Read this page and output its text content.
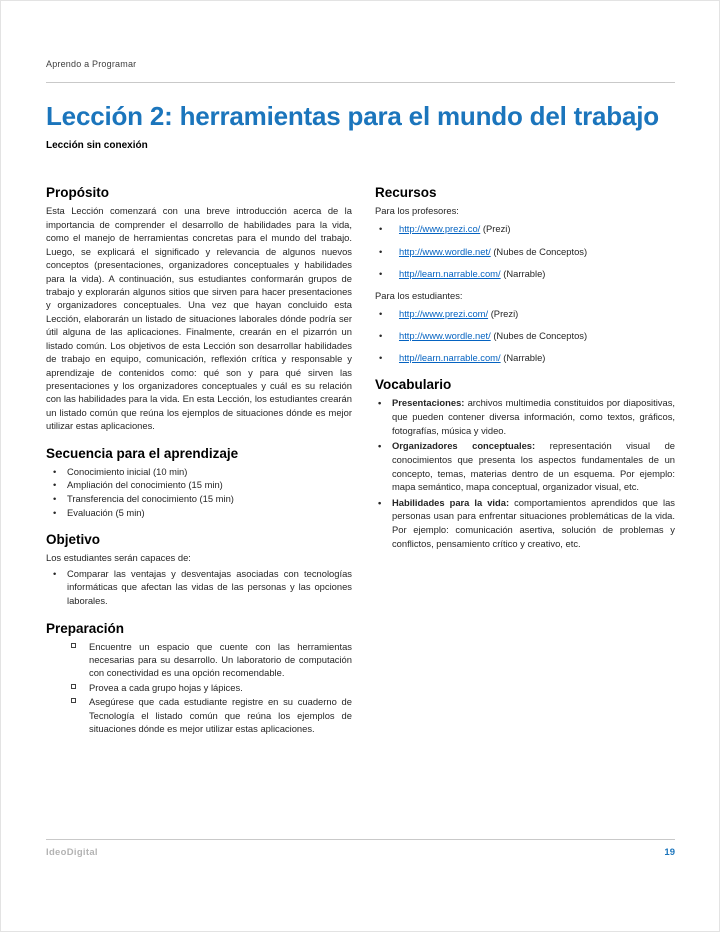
Aprendo a Programar
Lección 2: herramientas para el mundo del trabajo
Lección sin conexión
Propósito

Esta Lección comenzará con una breve introducción acerca de la importancia de comprender el desarrollo de habilidades para la vida, como el manejo de herramientas concretas para el mundo del trabajo. Luego, se explicará el significado y relevancia de algunos nuevos conceptos (presentaciones, organizadores conceptuales y habilidades para la vida). A continuación, sus estudiantes conformarán grupos de trabajo y explorarán algunos sitios que sirven para hacer presentaciones y organizadores conceptuales. Una vez que hayan concluido esta Lección, elaborarán un listado de situaciones laborales dónde podría ser útil alguna de las aplicaciones. Finalmente, crearán en el pizarrón un listado común. Los objetivos de esta Lección son desarrollar habilidades de trabajo en equipo, comunicación, reflexión crítica y responsable y aprendizaje de contenidos como: qué son y para qué sirven las presentaciones y los organizadores conceptuales y cuál es su relación con las habilidades para la vida. En esta Lección, los estudiantes crearán un listado común que reúna los ejemplos de situaciones dónde es mejor utilizar estas aplicaciones.

Secuencia para el aprendizaje
• Conocimiento inicial (10 min)
• Ampliación del conocimiento (15 min)
• Transferencia del conocimiento (15 min)
• Evaluación (5 min)
Objetivo

Los estudiantes serán capaces de:

• Comparar las ventajas y desventajas asociadas con tecnologías informáticas que afectan las vidas de las personas y las opciones laborales.
Preparación
Encuentre un espacio que cuente con las herramientas necesarias para su desarrollo. Un laboratorio de computación con conectividad es una opción recomendable.
Provea a cada grupo hojas y lápices.
Asegúrese que cada estudiante registre en su cuaderno de Tecnología el listado común que reúna los ejemplos de situaciones dónde es mejor utilizar estas aplicaciones.
Recursos

Para los profesores:

• http://www.prezi.co/ (Prezi)
• http://www.wordle.net/ (Nubes de Conceptos)
• http//learn.narrable.com/ (Narrable)

Para los estudiantes:

• http://www.prezi.com/ (Prezi)
• http://www.wordle.net/ (Nubes de Conceptos)
• http//learn.narrable.com/ (Narrable)
Vocabulario
• Presentaciones: archivos multimedia constituidos por diapositivas, que pueden contener diversa información, como textos, gráficos, fotografías, música y video.
• Organizadores conceptuales: representación visual de conocimientos que presenta los aspectos fundamentales de un concepto, temas, materias dentro de un esquema. Por ejemplo: mapa semántico, mapa conceptual, organizador visual, etc.
• Habilidades para la vida: comportamientos aprendidos que las personas usan para enfrentar situaciones problemáticas de la vida. Por ejemplo: comunicación asertiva, solución de problemas y conflictos, pensamiento crítico y creativo, etc.
IdeoDigital	19
